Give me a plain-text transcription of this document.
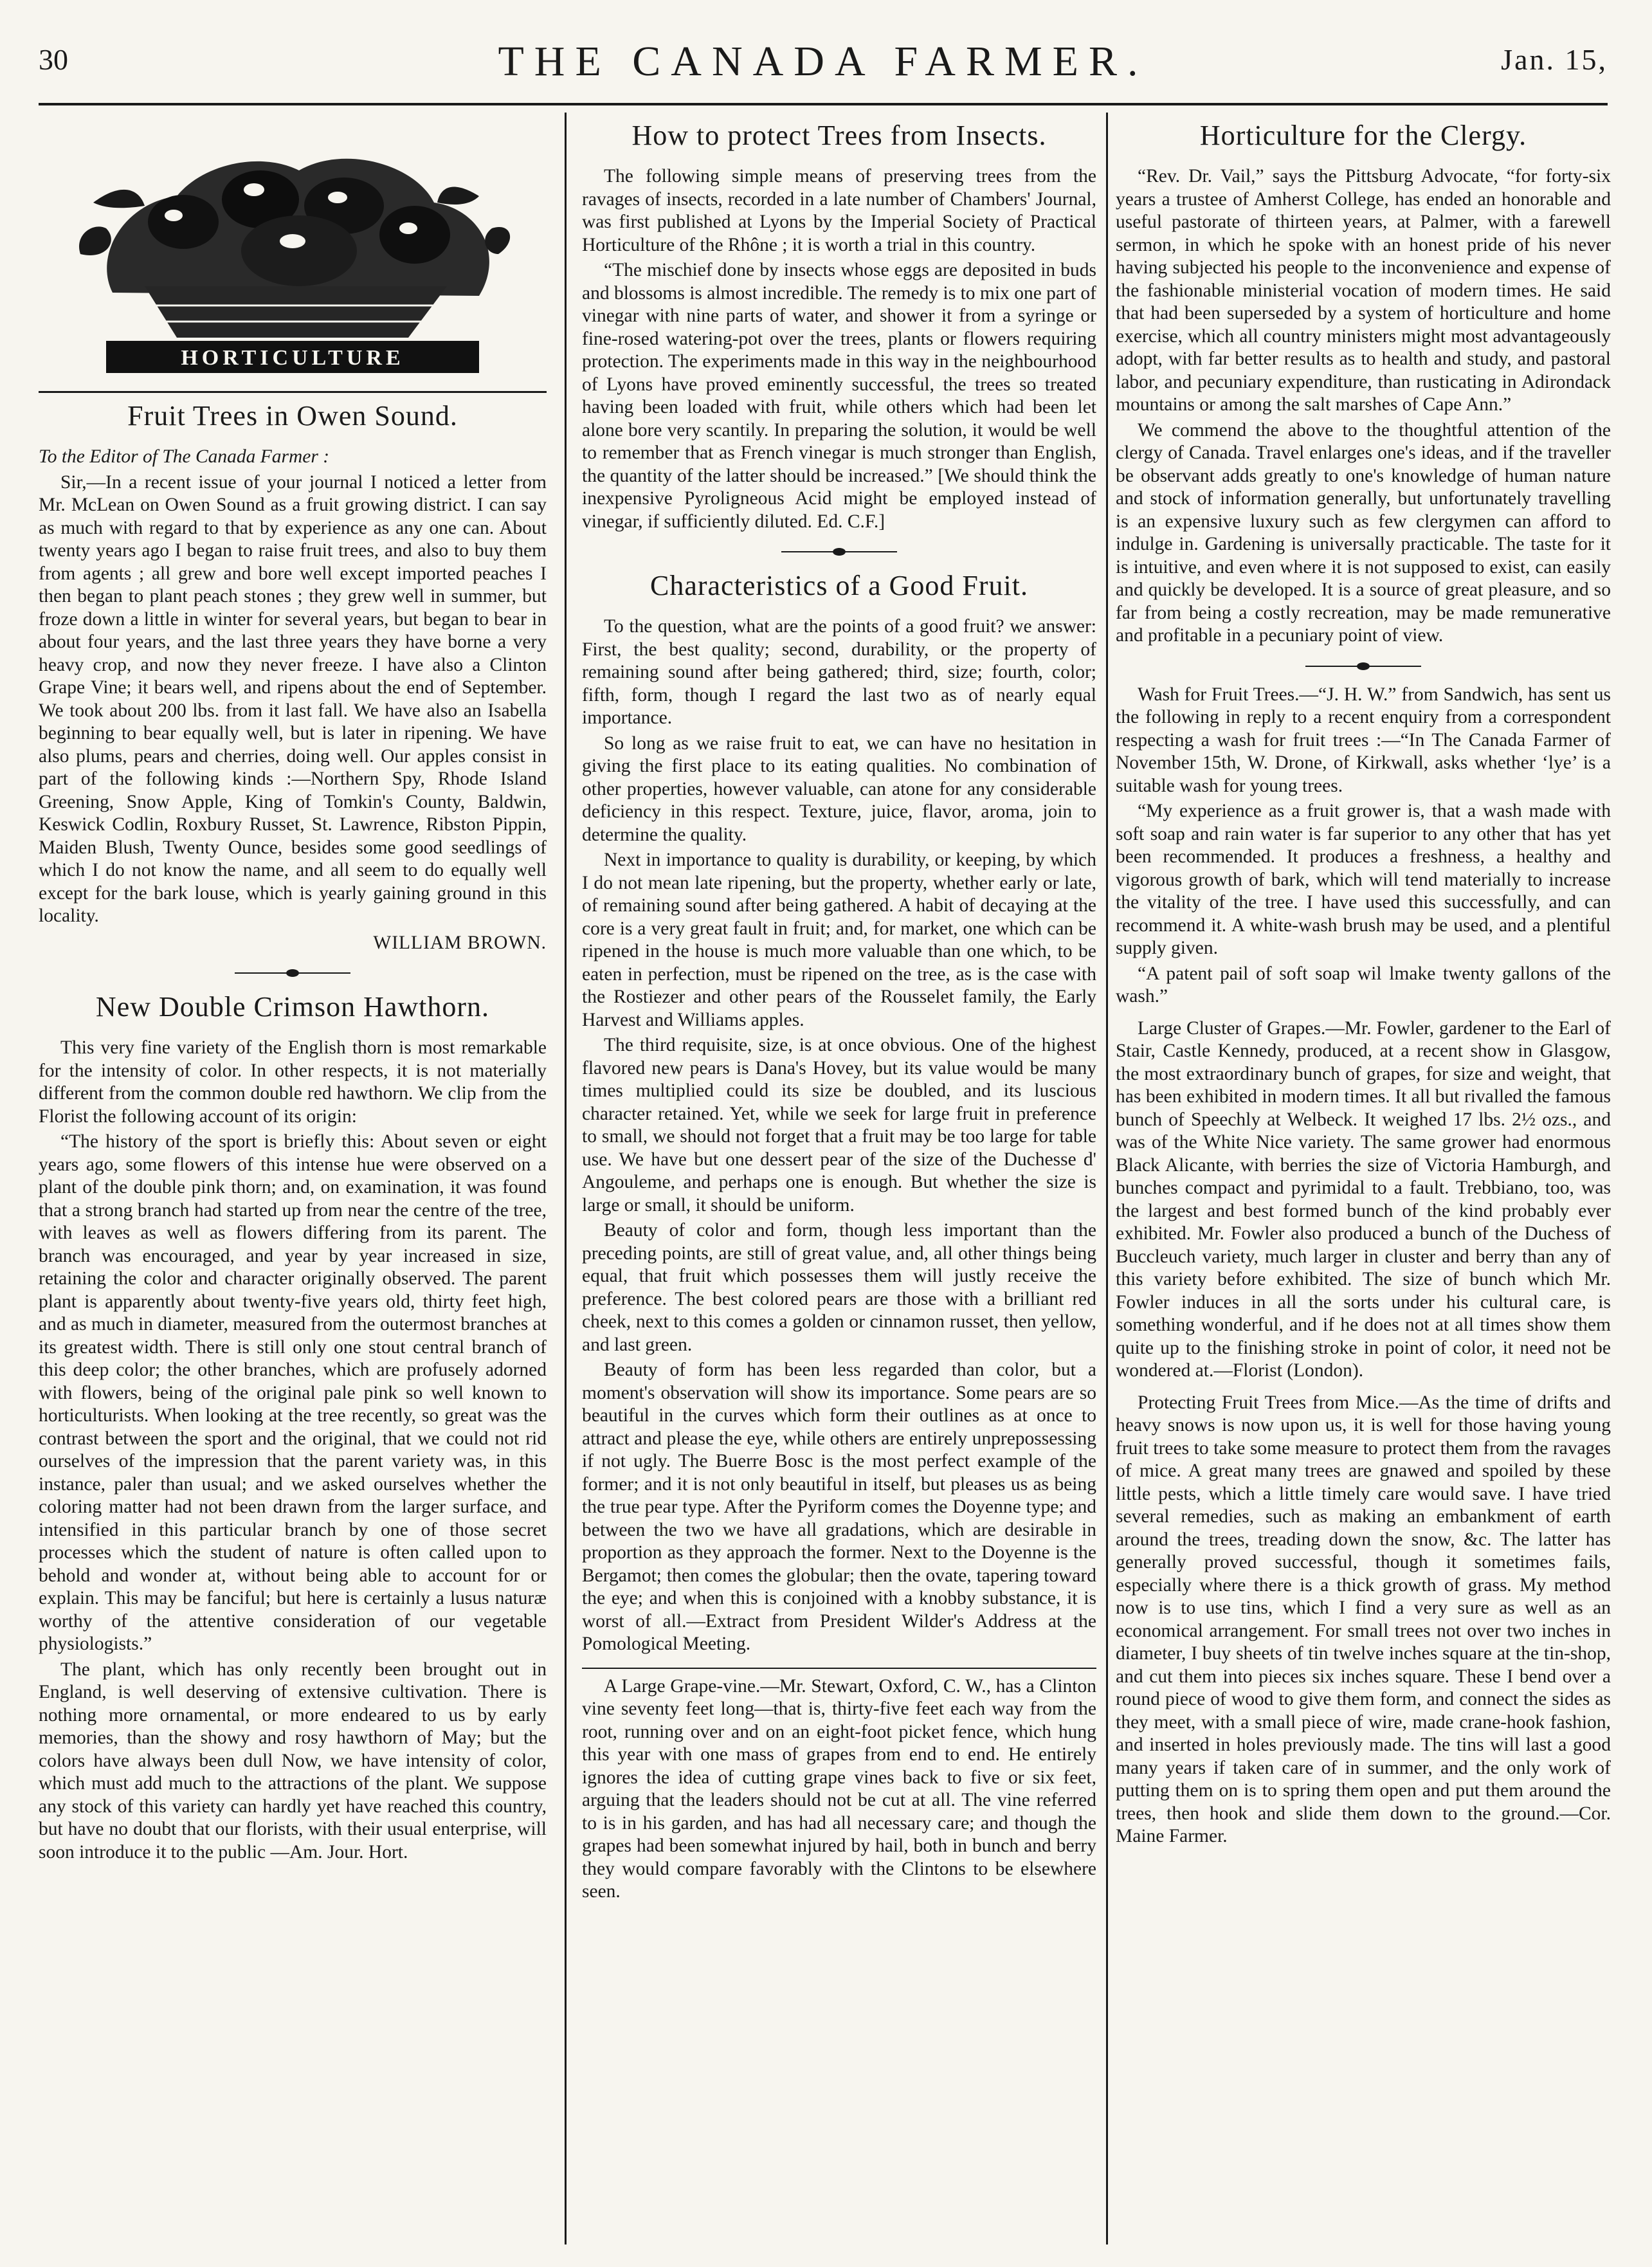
30	THE CANADA FARMER.	Jan. 15,
HORTICULTURE
Fruit Trees in Owen Sound.

To the Editor of The Canada Farmer :

Sir,—In a recent issue of your journal I noticed a letter from Mr. McLean on Owen Sound as a fruit growing district. I can say as much with regard to that by experience as any one can. About twenty years ago I began to raise fruit trees, and also to buy them from agents ; all grew and bore well except imported peaches I then began to plant peach stones ; they grew well in summer, but froze down a little in winter for several years, but began to bear in about four years, and the last three years they have borne a very heavy crop, and now they never freeze. I have also a Clinton Grape Vine; it bears well, and ripens about the end of September. We took about 200 lbs. from it last fall. We have also an Isabella beginning to bear equally well, but is later in ripening. We have also plums, pears and cherries, doing well. Our apples consist in part of the following kinds :—Northern Spy, Rhode Island Greening, Snow Apple, King of Tomkin's County, Baldwin, Keswick Codlin, Roxbury Russet, St. Lawrence, Ribston Pippin, Maiden Blush, Twenty Ounce, besides some good seedlings of which I do not know the name, and all seem to do equally well except for the bark louse, which is yearly gaining ground in this locality.

WILLIAM BROWN.

New Double Crimson Hawthorn.

This very fine variety of the English thorn is most remarkable for the intensity of color. In other respects, it is not materially different from the common double red hawthorn. We clip from the Florist the following account of its origin:

“The history of the sport is briefly this: About seven or eight years ago, some flowers of this intense hue were observed on a plant of the double pink thorn; and, on examination, it was found that a strong branch had started up from near the centre of the tree, with leaves as well as flowers differing from its parent. The branch was encouraged, and year by year increased in size, retaining the color and character originally observed. The parent plant is apparently about twenty-five years old, thirty feet high, and as much in diameter, measured from the outermost branches at its greatest width. There is still only one stout central branch of this deep color; the other branches, which are profusely adorned with flowers, being of the original pale pink so well known to horticulturists. When looking at the tree recently, so great was the contrast between the sport and the original, that we could not rid ourselves of the impression that the parent variety was, in this instance, paler than usual; and we asked ourselves whether the coloring matter had not been drawn from the larger surface, and intensified in this particular branch by one of those secret processes which the student of nature is often called upon to behold and wonder at, without being able to account for or explain. This may be fanciful; but here is certainly a lusus naturæ worthy of the attentive consideration of our vegetable physiologists.”

The plant, which has only recently been brought out in England, is well deserving of extensive cultivation. There is nothing more ornamental, or more endeared to us by early memories, than the showy and rosy hawthorn of May; but the colors have always been dull Now, we have intensity of color, which must add much to the attractions of the plant. We suppose any stock of this variety can hardly yet have reached this country, but have no doubt that our florists, with their usual enterprise, will soon introduce it to the public —Am. Jour. Hort.

How to protect Trees from Insects.

The following simple means of preserving trees from the ravages of insects, recorded in a late number of Chambers' Journal, was first published at Lyons by the Imperial Society of Practical Horticulture of the Rhône ; it is worth a trial in this country.

“The mischief done by insects whose eggs are deposited in buds and blossoms is almost incredible. The remedy is to mix one part of vinegar with nine parts of water, and shower it from a syringe or fine-rosed watering-pot over the trees, plants or flowers requiring protection. The experiments made in this way in the neighbourhood of Lyons have proved eminently successful, the trees so treated having been loaded with fruit, while others which had been let alone bore very scantily. In preparing the solution, it would be well to remember that as French vinegar is much stronger than English, the quantity of the latter should be increased.” [We should think the inexpensive Pyroligneous Acid might be employed instead of vinegar, if sufficiently diluted. Ed. C.F.]

Characteristics of a Good Fruit.

To the question, what are the points of a good fruit? we answer: First, the best quality; second, durability, or the property of remaining sound after being gathered; third, size; fourth, color; fifth, form, though I regard the last two as of nearly equal importance.

So long as we raise fruit to eat, we can have no hesitation in giving the first place to its eating qualities. No combination of other properties, however valuable, can atone for any considerable deficiency in this respect. Texture, juice, flavor, aroma, join to determine the quality.

Next in importance to quality is durability, or keeping, by which I do not mean late ripening, but the property, whether early or late, of remaining sound after being gathered. A habit of decaying at the core is a very great fault in fruit; and, for market, one which can be ripened in the house is much more valuable than one which, to be eaten in perfection, must be ripened on the tree, as is the case with the Rostiezer and other pears of the Rousselet family, the Early Harvest and Williams apples.

The third requisite, size, is at once obvious. One of the highest flavored new pears is Dana's Hovey, but its value would be many times multiplied could its size be doubled, and its luscious character retained. Yet, while we seek for large fruit in preference to small, we should not forget that a fruit may be too large for table use. We have but one dessert pear of the size of the Duchesse d' Angouleme, and perhaps one is enough. But whether the size is large or small, it should be uniform.

Beauty of color and form, though less important than the preceding points, are still of great value, and, all other things being equal, that fruit which possesses them will justly receive the preference. The best colored pears are those with a brilliant red cheek, next to this comes a golden or cinnamon russet, then yellow, and last green.

Beauty of form has been less regarded than color, but a moment's observation will show its importance. Some pears are so beautiful in the curves which form their outlines as at once to attract and please the eye, while others are entirely unprepossessing if not ugly. The Buerre Bosc is the most perfect example of the former; and it is not only beautiful in itself, but pleases us as being the true pear type. After the Pyriform comes the Doyenne type; and between the two we have all gradations, which are desirable in proportion as they approach the former. Next to the Doyenne is the Bergamot; then comes the globular; then the ovate, tapering toward the eye; and when this is conjoined with a knobby substance, it is worst of all.—Extract from President Wilder's Address at the Pomological Meeting.

A Large Grape-vine.—Mr. Stewart, Oxford, C. W., has a Clinton vine seventy feet long—that is, thirty-five feet each way from the root, running over and on an eight-foot picket fence, which hung this year with one mass of grapes from end to end. He entirely ignores the idea of cutting grape vines back to five or six feet, arguing that the leaders should not be cut at all. The vine referred to is in his garden, and has had all necessary care; and though the grapes had been somewhat injured by hail, both in bunch and berry they would compare favorably with the Clintons to be elsewhere seen.

Horticulture for the Clergy.

“Rev. Dr. Vail,” says the Pittsburg Advocate, “for forty-six years a trustee of Amherst College, has ended an honorable and useful pastorate of thirteen years, at Palmer, with a farewell sermon, in which he spoke with an honest pride of his never having subjected his people to the inconvenience and expense of the fashionable ministerial vocation of modern times. He said that had been superseded by a system of horticulture and home exercise, which all country ministers might most advantageously adopt, with far better results as to health and study, and pastoral labor, and pecuniary expenditure, than rusticating in Adirondack mountains or among the salt marshes of Cape Ann.”

We commend the above to the thoughtful attention of the clergy of Canada. Travel enlarges one's ideas, and if the traveller be observant adds greatly to one's knowledge of human nature and stock of information generally, but unfortunately travelling is an expensive luxury such as few clergymen can afford to indulge in. Gardening is universally practicable. The taste for it is intuitive, and even where it is not supposed to exist, can easily and quickly be developed. It is a source of great pleasure, and so far from being a costly recreation, may be made remunerative and profitable in a pecuniary point of view.

Wash for Fruit Trees.—“J. H. W.” from Sandwich, has sent us the following in reply to a recent enquiry from a correspondent respecting a wash for fruit trees :—“In The Canada Farmer of November 15th, W. Drone, of Kirkwall, asks whether ‘lye’ is a suitable wash for young trees.

“My experience as a fruit grower is, that a wash made with soft soap and rain water is far superior to any other that has yet been recommended. It produces a freshness, a healthy and vigorous growth of bark, which will tend materially to increase the vitality of the tree. I have used this successfully, and can recommend it. A white-wash brush may be used, and a plentiful supply given.

“A patent pail of soft soap wil lmake twenty gallons of the wash.”

Large Cluster of Grapes.—Mr. Fowler, gardener to the Earl of Stair, Castle Kennedy, produced, at a recent show in Glasgow, the most extraordinary bunch of grapes, for size and weight, that has been exhibited in modern times. It all but rivalled the famous bunch of Speechly at Welbeck. It weighed 17 lbs. 2½ ozs., and was of the White Nice variety. The same grower had enormous Black Alicante, with berries the size of Victoria Hamburgh, and bunches compact and pyrimidal to a fault. Trebbiano, too, was the largest and best formed bunch of the kind probably ever exhibited. Mr. Fowler also produced a bunch of the Duchess of Buccleuch variety, much larger in cluster and berry than any of this variety before exhibited. The size of bunch which Mr. Fowler induces in all the sorts under his cultural care, is something wonderful, and if he does not at all times show them quite up to the finishing stroke in point of color, it need not be wondered at.—Florist (London).

Protecting Fruit Trees from Mice.—As the time of drifts and heavy snows is now upon us, it is well for those having young fruit trees to take some measure to protect them from the ravages of mice. A great many trees are gnawed and spoiled by these little pests, which a little timely care would save. I have tried several remedies, such as making an embankment of earth around the trees, treading down the snow, &c. The latter has generally proved successful, though it sometimes fails, especially where there is a thick growth of grass. My method now is to use tins, which I find a very sure as well as an economical arrangement. For small trees not over two inches in diameter, I buy sheets of tin twelve inches square at the tin-shop, and cut them into pieces six inches square. These I bend over a round piece of wood to give them form, and connect the sides as they meet, with a small piece of wire, made crane-hook fashion, and inserted in holes previously made. The tins will last a good many years if taken care of in summer, and the only work of putting them on is to spring them open and put them around the trees, then hook and slide them down to the ground.—Cor. Maine Farmer.
